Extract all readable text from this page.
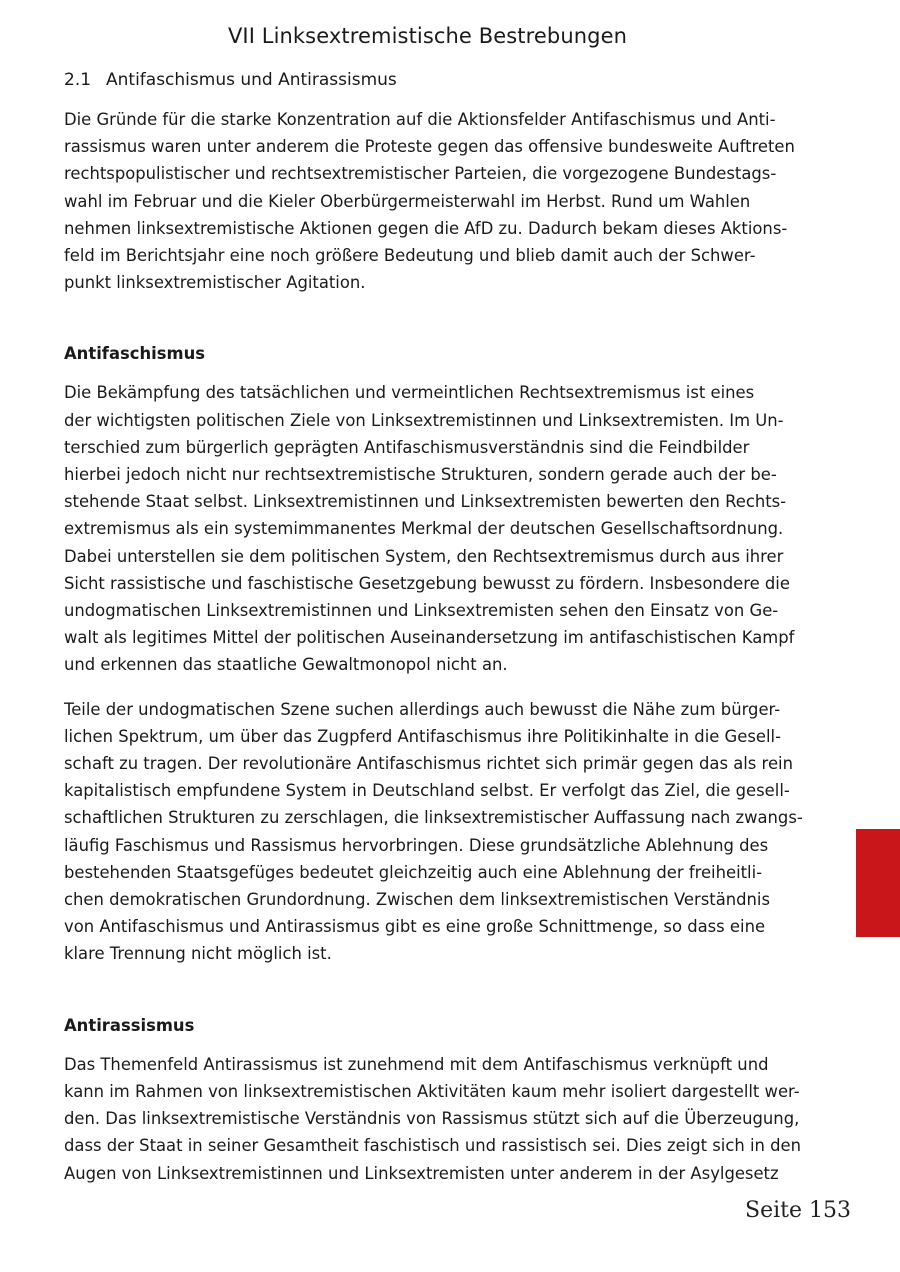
VII Linksextremistische Bestrebungen
2.1 Antifaschismus und Antirassismus

Die Gründe für die starke Konzentration auf die Aktionsfelder Antifaschismus und Anti-
rassismus waren unter anderem die Proteste gegen das offensive bundesweite Auftreten
rechtspopulistischer und rechtsextremistischer Parteien, die vorgezogene Bundestags-
wahl im Februar und die Kieler Oberbürgermeisterwahl im Herbst. Rund um Wahlen
nehmen linksextremistische Aktionen gegen die AfD zu. Dadurch bekam dieses Aktions-
feld im Berichtsjahr eine noch größere Bedeutung und blieb damit auch der Schwer-
punkt linksextremistischer Agitation.

Antifaschismus

Die Bekämpfung des tatsächlichen und vermeintlichen Rechtsextremismus ist eines
der wichtigsten politischen Ziele von Linksextremistinnen und Linksextremisten. Im Un-
terschied zum bürgerlich geprägten Antifaschismusverständnis sind die Feindbilder
hierbei jedoch nicht nur rechtsextremistische Strukturen, sondern gerade auch der be-
stehende Staat selbst. Linksextremistinnen und Linksextremisten bewerten den Rechts-
extremismus als ein systemimmanentes Merkmal der deutschen Gesellschaftsordnung.
Dabei unterstellen sie dem politischen System, den Rechtsextremismus durch aus ihrer
Sicht rassistische und faschistische Gesetzgebung bewusst zu fördern. Insbesondere die
undogmatischen Linksextremistinnen und Linksextremisten sehen den Einsatz von Ge-
walt als legitimes Mittel der politischen Auseinandersetzung im antifaschistischen Kampf
und erkennen das staatliche Gewaltmonopol nicht an.

Teile der undogmatischen Szene suchen allerdings auch bewusst die Nähe zum bürger-
lichen Spektrum, um über das Zugpferd Antifaschismus ihre Politikinhalte in die Gesell-
schaft zu tragen. Der revolutionäre Antifaschismus richtet sich primär gegen das als rein
kapitalistisch empfundene System in Deutschland selbst. Er verfolgt das Ziel, die gesell-
schaftlichen Strukturen zu zerschlagen, die linksextremistischer Auffassung nach zwangs-
läufig Faschismus und Rassismus hervorbringen. Diese grundsätzliche Ablehnung des
bestehenden Staatsgefüges bedeutet gleichzeitig auch eine Ablehnung der freiheitli-
chen demokratischen Grundordnung. Zwischen dem linksextremistischen Verständnis
von Antifaschismus und Antirassismus gibt es eine große Schnittmenge, so dass eine
klare Trennung nicht möglich ist.

Antirassismus

Das Themenfeld Antirassismus ist zunehmend mit dem Antifaschismus verknüpft und
kann im Rahmen von linksextremistischen Aktivitäten kaum mehr isoliert dargestellt wer-
den. Das linksextremistische Verständnis von Rassismus stützt sich auf die Überzeugung,
dass der Staat in seiner Gesamtheit faschistisch und rassistisch sei. Dies zeigt sich in den
Augen von Linksextremistinnen und Linksextremisten unter anderem in der Asylgesetz

Seite 153
